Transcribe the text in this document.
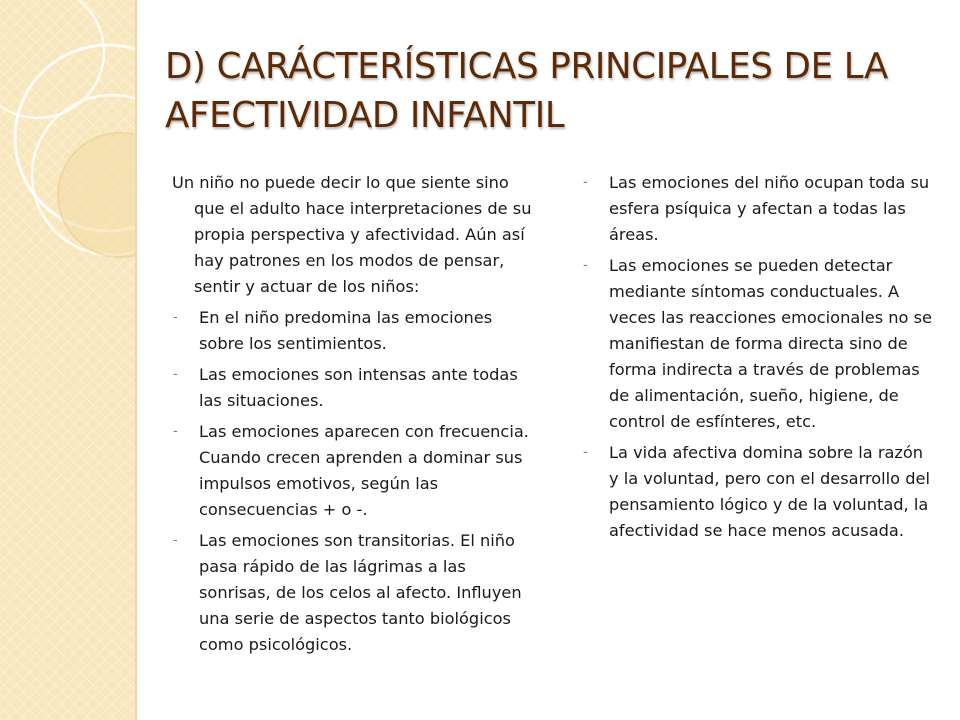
D) CARÁCTERÍSTICAS PRINCIPALES DE LA AFECTIVIDAD INFANTIL

Un niño no puede decir lo que siente sino que el adulto hace interpretaciones de su propia perspectiva y afectividad. Aún así hay patrones en los modos de pensar, sentir y actuar de los niños:

- En el niño predomina las emociones sobre los sentimientos.
- Las emociones son intensas ante todas las situaciones.
- Las emociones aparecen con frecuencia. Cuando crecen aprenden a dominar sus impulsos emotivos, según las consecuencias + o -.
- Las emociones son transitorias. El niño pasa rápido de las lágrimas a las sonrisas, de los celos al afecto. Influyen una serie de aspectos tanto biológicos como psicológicos.
- Las emociones del niño ocupan toda su esfera psíquica y afectan a todas las áreas.
- Las emociones se pueden detectar mediante síntomas conductuales. A veces las reacciones emocionales no se manifiestan de forma directa sino de forma indirecta a través de problemas de alimentación, sueño, higiene, de control de esfínteres, etc.
- La vida afectiva domina sobre la razón y la voluntad, pero con el desarrollo del pensamiento lógico y de la voluntad, la afectividad se hace menos acusada.
